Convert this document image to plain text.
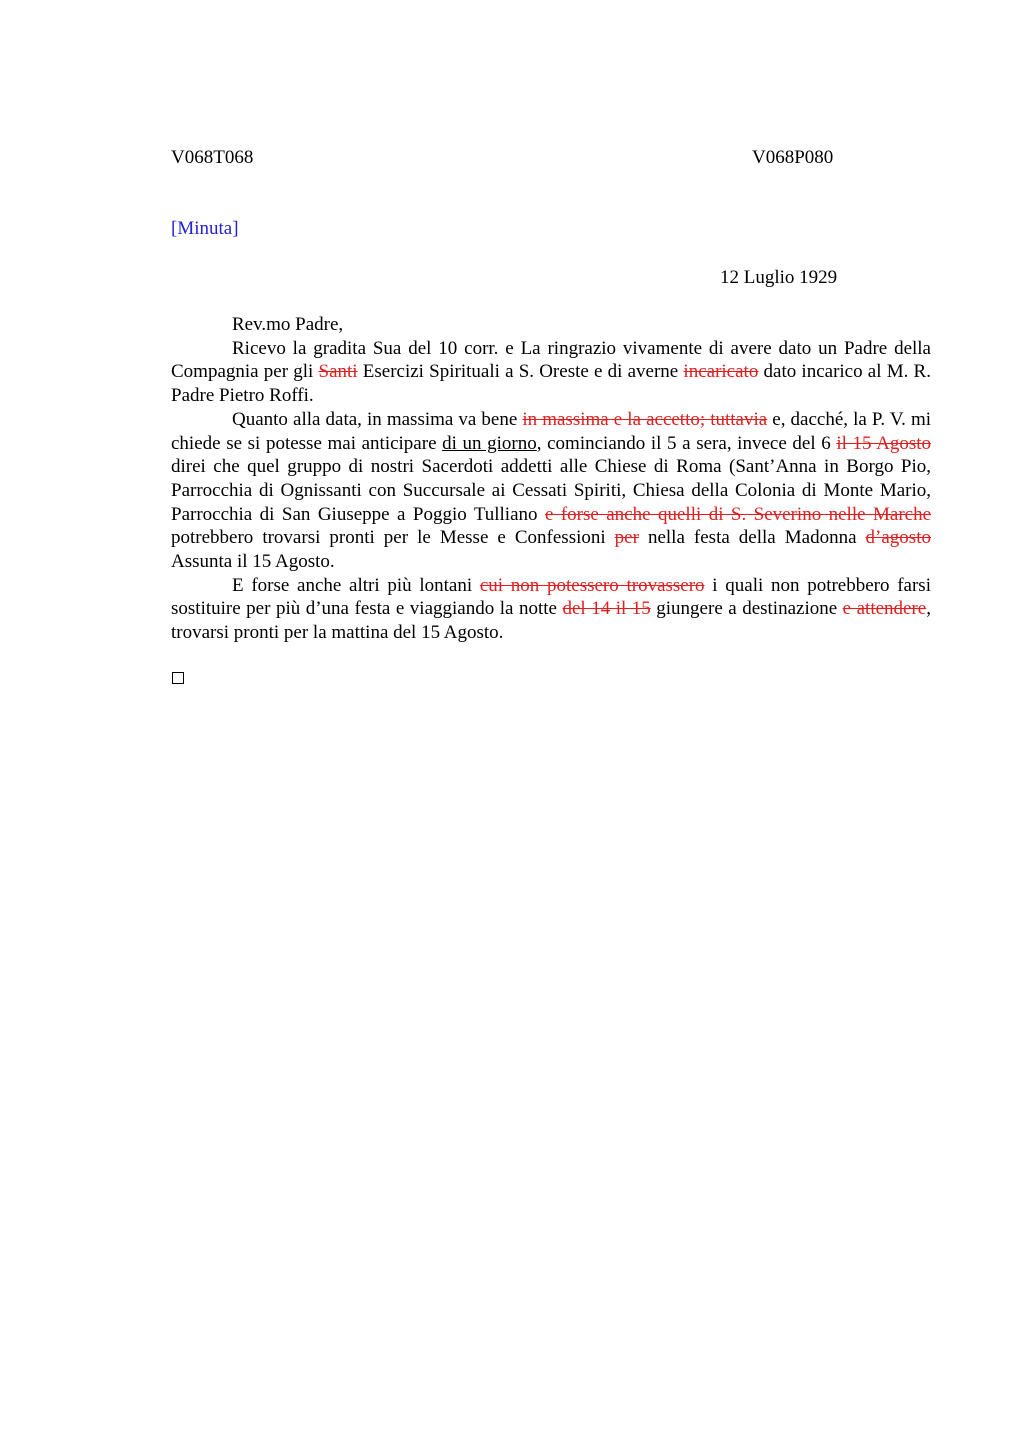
V068T068	V068P080
[Minuta]
12 Luglio 1929

Rev.mo Padre,

Ricevo la gradita Sua del 10 corr. e La ringrazio vivamente di avere dato un Padre della Compagnia per gli Santi Esercizi Spirituali a S. Oreste e di averne incaricato dato incarico al M. R. Padre Pietro Roffi.

Quanto alla data, in massima va bene in massima e la accetto; tuttavia e, dacché, la P. V. mi chiede se si potesse mai anticipare di un giorno, cominciando il 5 a sera, invece del 6 il 15 Agosto direi che quel gruppo di nostri Sacerdoti addetti alle Chiese di Roma (Sant’Anna in Borgo Pio, Parrocchia di Ognissanti con Succursale ai Cessati Spiriti, Chiesa della Colonia di Monte Mario, Parrocchia di San Giuseppe a Poggio Tulliano e forse anche quelli di S. Severino nelle Marche potrebbero trovarsi pronti per le Messe e Confessioni per nella festa della Madonna d’agosto Assunta il 15 Agosto.

E forse anche altri più lontani cui non potessero trovassero i quali non potrebbero farsi sostituire per più d’una festa e viaggiando la notte del 14 il 15 giungere a destinazione e attendere, trovarsi pronti per la mattina del 15 Agosto.
